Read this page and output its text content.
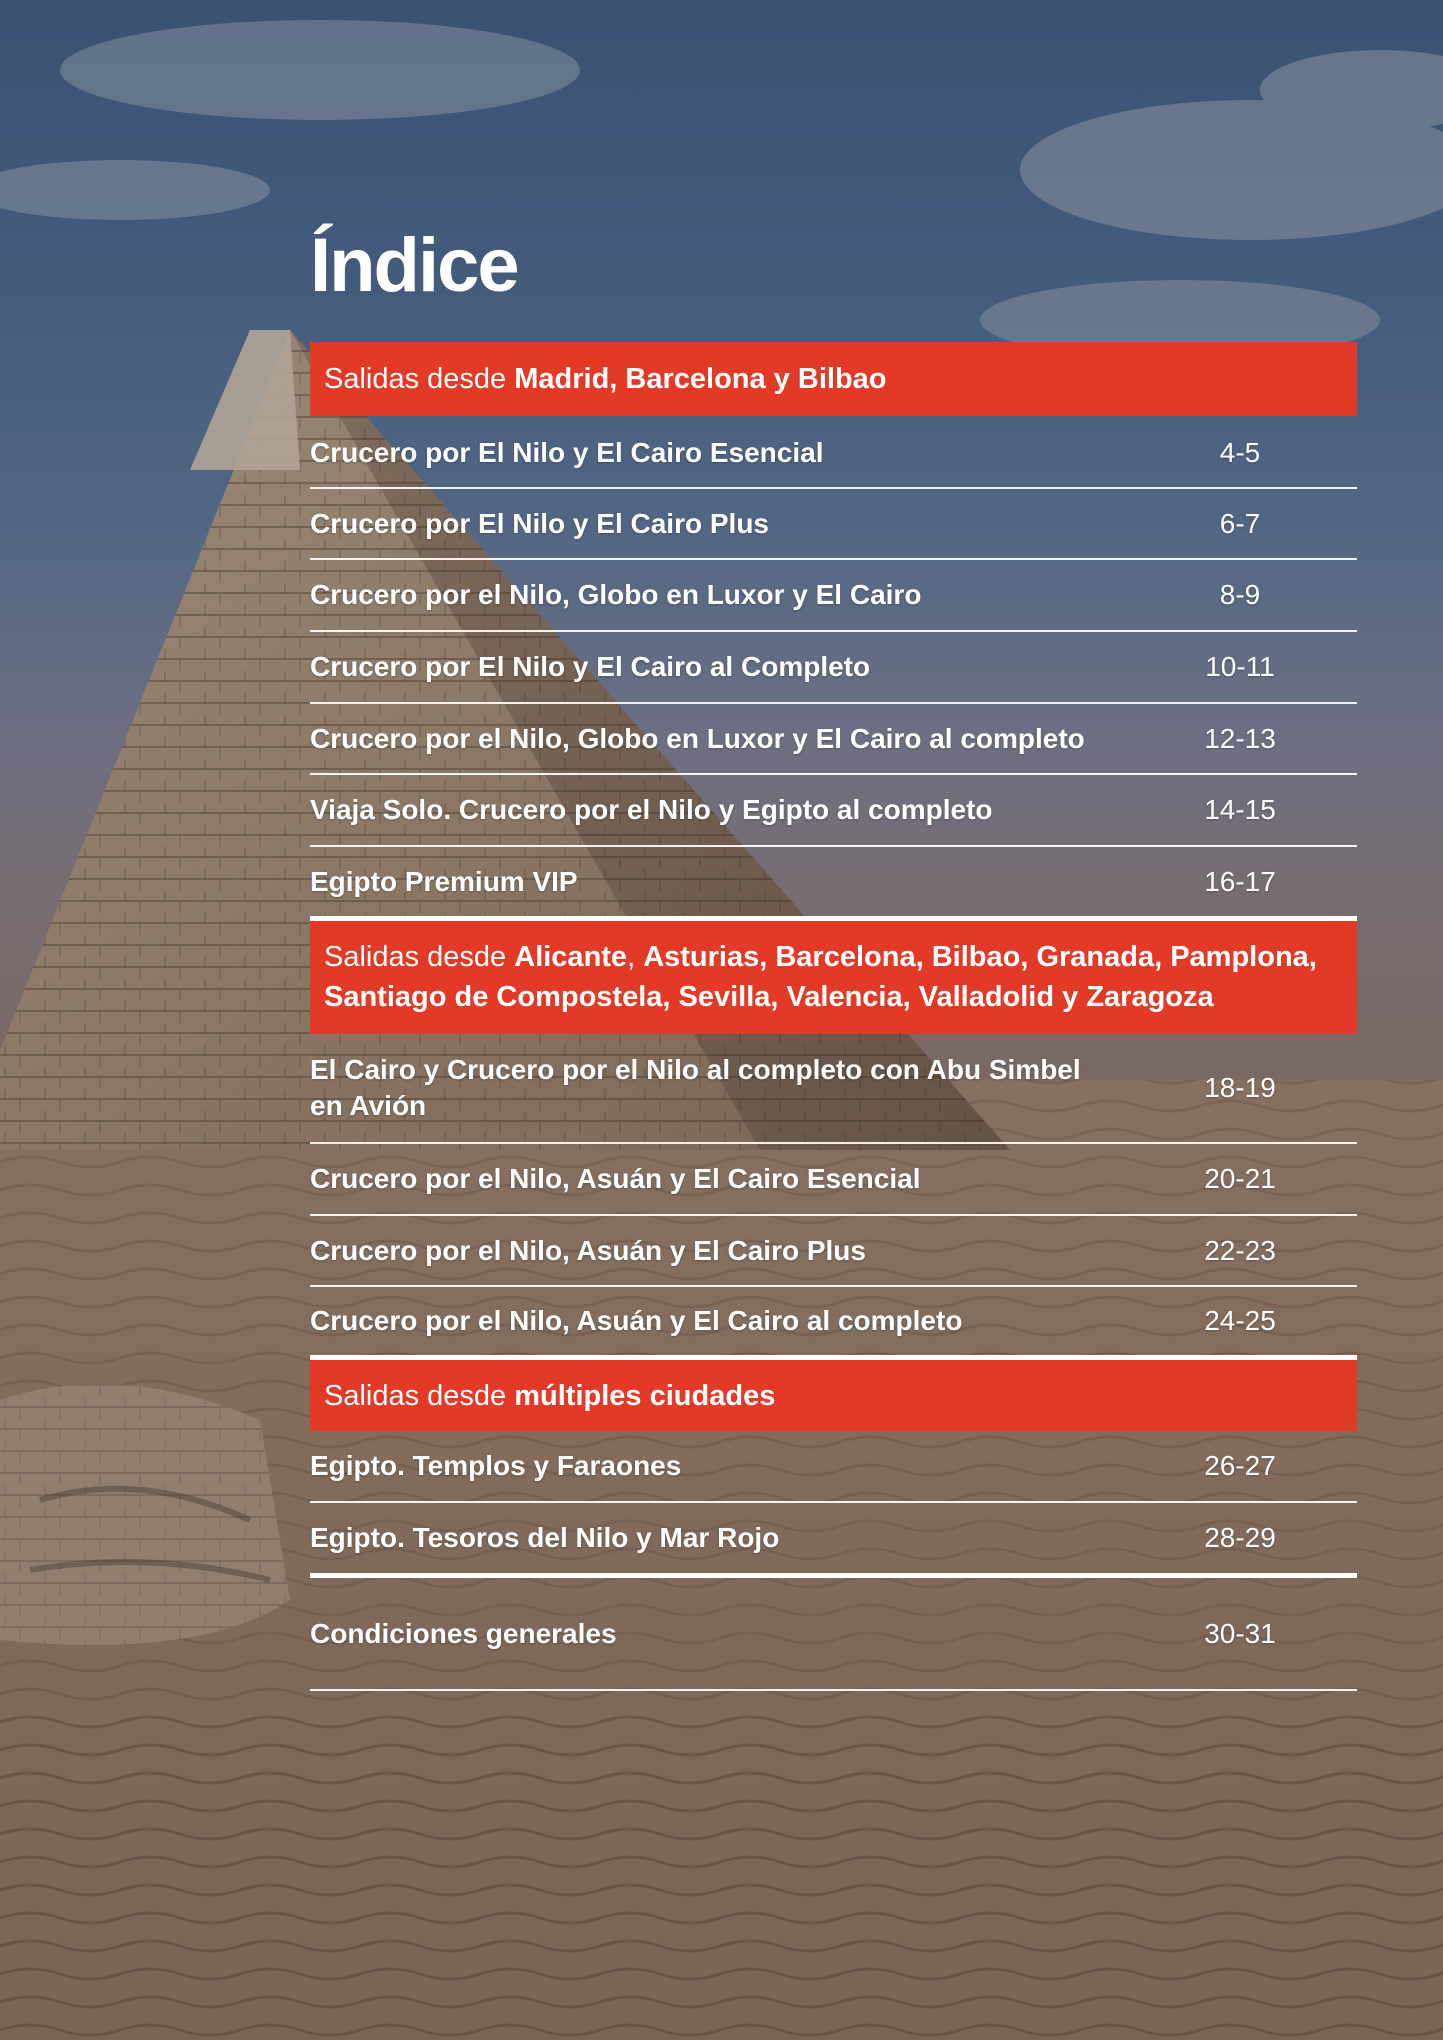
Índice
Salidas desde
Madrid, Barcelona y Bilbao
Crucero por El Nilo y El Cairo Esencial	4-5
Crucero por El Nilo y El Cairo Plus	6-7
Crucero por el Nilo, Globo en Luxor y El Cairo	8-9
Crucero por El Nilo y El Cairo al Completo	10-11
Crucero por el Nilo, Globo en Luxor y El Cairo al completo	12-13
Viaja Solo. Crucero por el Nilo y Egipto al completo	14-15
Egipto Premium VIP	16-17
Salidas desde Alicante, Asturias, Barcelona, Bilbao, Granada, Pamplona,
Santiago de Compostela, Sevilla, Valencia, Valladolid y Zaragoza
El Cairo y Crucero por el Nilo al completo con Abu Simbel en Avión
18-19
Crucero por el Nilo, Asuán y El Cairo Esencial	20-21
Crucero por el Nilo, Asuán y El Cairo Plus	22-23
Crucero por el Nilo, Asuán y El Cairo al completo	24-25
Salidas desde
múltiples ciudades
Egipto. Templos y Faraones	26-27
Egipto. Tesoros del Nilo y Mar Rojo	28-29
Condiciones generales	30-31
